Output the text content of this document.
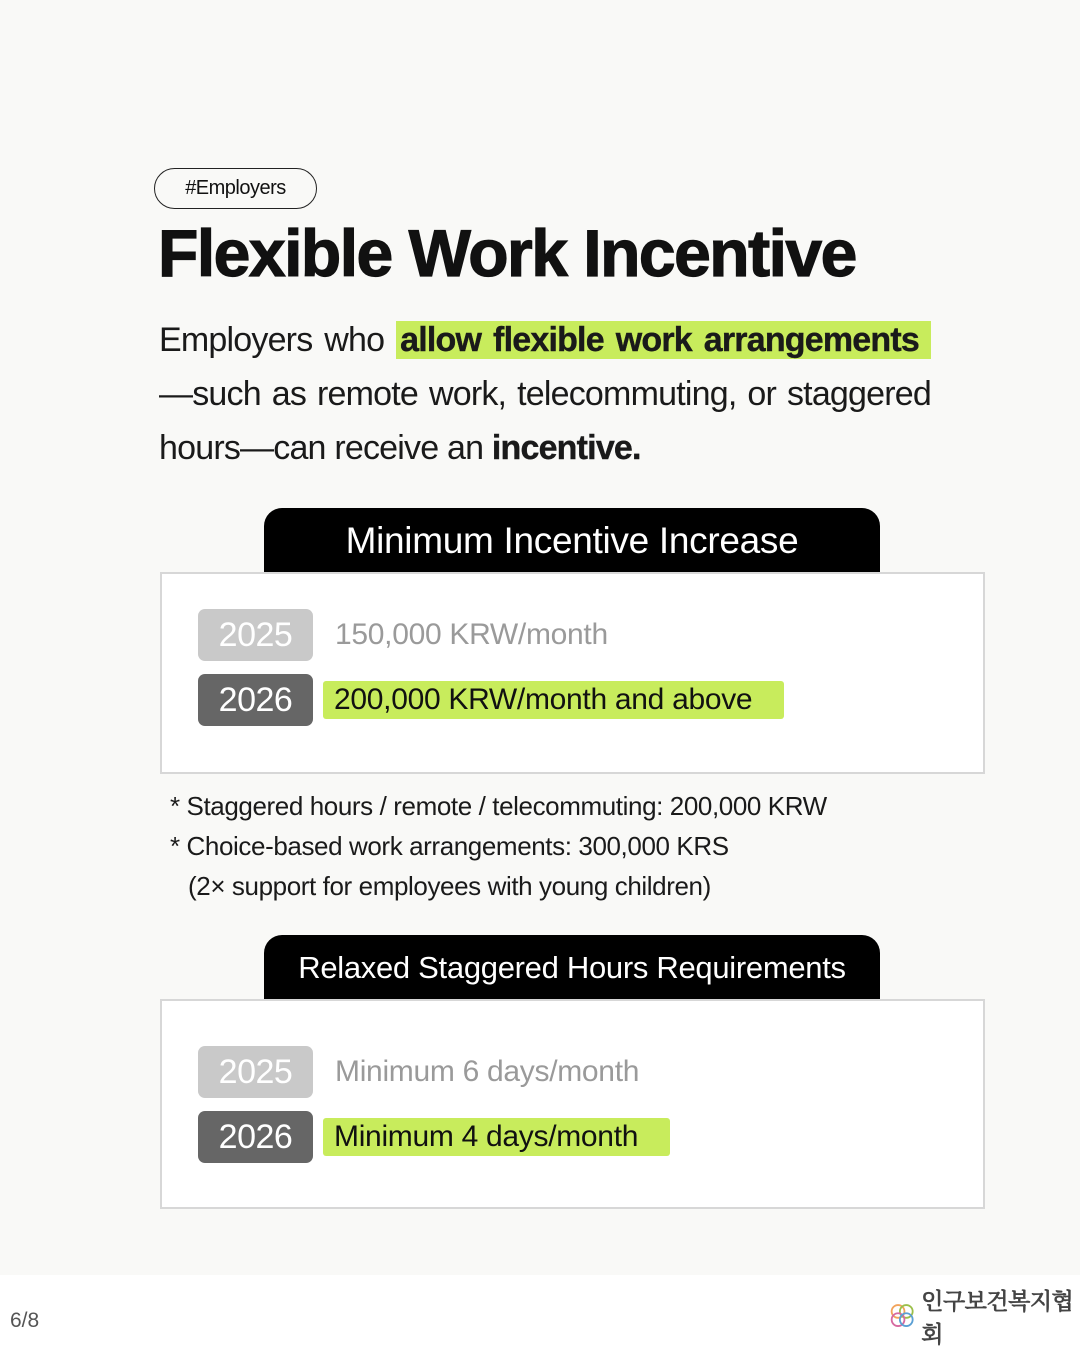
#Employers
Flexible Work Incentive

Employers who allow flexible work arrangements —such as remote work, telecommuting, or staggered hours—can receive an incentive.

Minimum Incentive Increase
2025	150,000 KRW/month
2026	200,000 KRW/month and above
* Staggered hours / remote / telecommuting: 200,000 KRW
* Choice-based work arrangements: 300,000 KRS
(2× support for employees with young children)
Relaxed Staggered Hours Requirements
2025	Minimum 6 days/month
2026	Minimum 4 days/month
6/8
인구보건복지협회
